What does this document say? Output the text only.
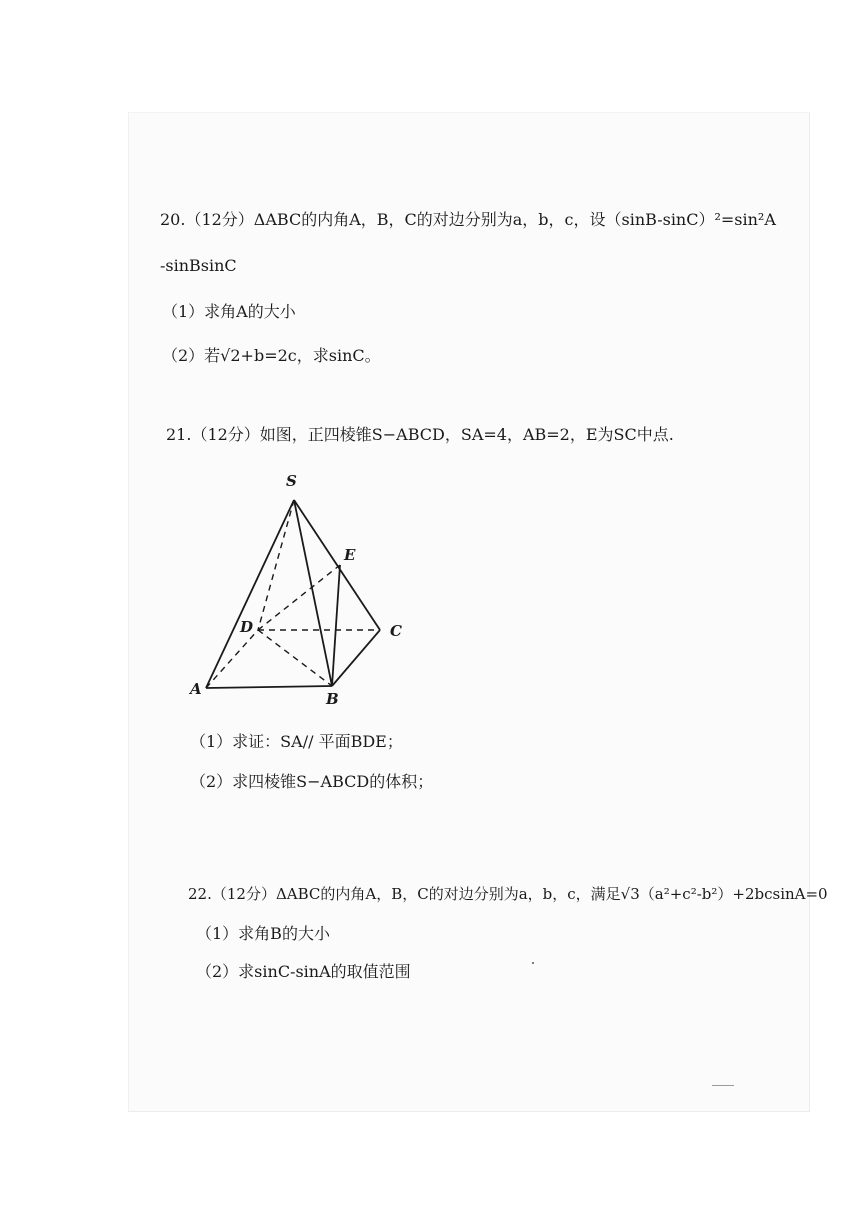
20.（12分）ΔABC的内角A，B，C的对边分别为a，b，c，设（sinB-sinC）²=sin²A
-sinBsinC
（1）求角A的大小
（2）若√2+b=2c，求sinC。
21.（12分）如图，正四棱锥S−ABCD，SA=4，AB=2，E为SC中点.
S
E
D	C
A
B
（1）求证：SA// 平面BDE；
（2）求四棱锥S−ABCD的体积；
22.（12分）ΔABC的内角A，B，C的对边分别为a，b，c，满足√3（a²+c²-b²）+2bcsinA=0
（1）求角B的大小
（2）求sinC-sinA的取值范围
